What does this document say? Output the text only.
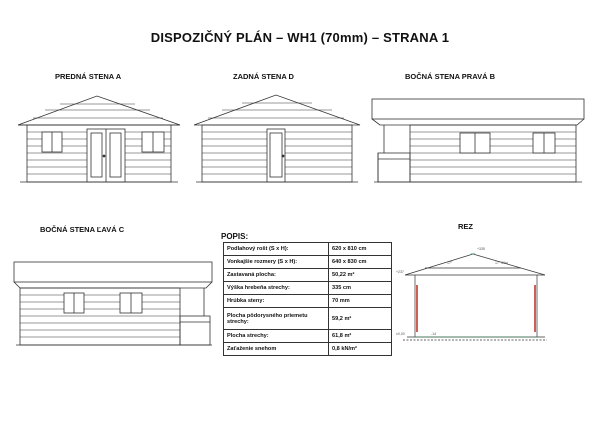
DISPOZIČNÝ PLÁN – WH1 (70mm) – STRANA 1
PREDNÁ STENA A	ZADNÁ STENA D	BOČNÁ STENA PRAVÁ B
BOČNÁ STENA ĽAVÁ C	REZ
+335
+237
17°	17° 50m
±0,00	-14
POPIS:
Podlahový rošt (S x H):	620 x 810 cm
Vonkajšie rozmery (S x H):	640 x 830 cm
Zastavaná plocha:	50,22 m²
Výška hrebeňa strechy:	335 cm
Hrúbka steny:	70 mm
Plocha pôdorysného priemetu strechy:	59,2 m²
Plocha strechy:	61,8 m²
Zaťaženie snehom	0,8 kN/m²
